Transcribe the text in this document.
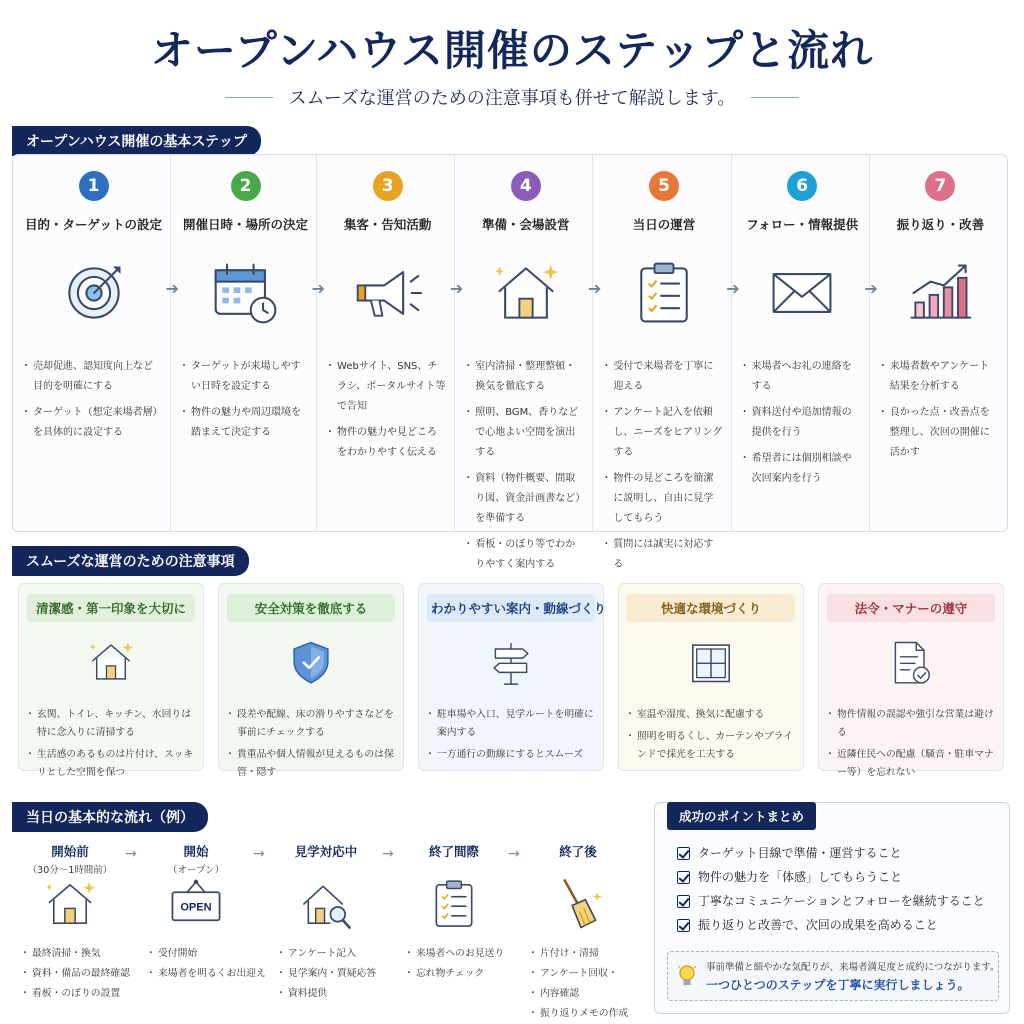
オープンハウス開催のステップと流れ
スムーズな運営のための注意事項も併せて解説します。
オープンハウス開催の基本ステップ
1
目的・ターゲットの設定
・ 売却促進、認知度向上など目的を明確にする
・ ターゲット（想定来場者層）を具体的に設定する
➔
2
開催日時・場所の決定
・ ターゲットが来場しやすい日時を設定する
・ 物件の魅力や周辺環境を踏まえて決定する
➔
3
集客・告知活動
・ Webサイト、SNS、チラシ、ポータルサイト等で告知
・ 物件の魅力や見どころをわかりやすく伝える
➔
4
準備・会場設営
・ 室内清掃・整理整頓・換気を徹底する
・ 照明、BGM、香りなどで心地よい空間を演出する
・ 資料（物件概要、間取り図、資金計画書など）を準備する
・ 看板・のぼり等でわかりやすく案内する
➔
5
当日の運営
・ 受付で来場者を丁寧に迎える
・ アンケート記入を依頼し、ニーズをヒアリングする
・ 物件の見どころを簡潔に説明し、自由に見学してもらう
・ 質問には誠実に対応する
➔
6
フォロー・情報提供
・ 来場者へお礼の連絡をする
・ 資料送付や追加情報の提供を行う
・ 希望者には個別相談や次回案内を行う
➔
7
振り返り・改善
・ 来場者数やアンケート結果を分析する
・ 良かった点・改善点を整理し、次回の開催に活かす
スムーズな運営のための注意事項
清潔感・第一印象を大切に
・ 玄関、トイレ、キッチン、水回りは特に念入りに清掃する
・ 生活感のあるものは片付け、スッキリとした空間を保つ
安全対策を徹底する
・ 段差や配線、床の滑りやすさなどを事前にチェックする
・ 貴重品や個人情報が見えるものは保管・隠す
わかりやすい案内・動線づくり
・ 駐車場や入口、見学ルートを明確に案内する
・ 一方通行の動線にするとスムーズ
快適な環境づくり
・ 室温や湿度、換気に配慮する
・ 照明を明るくし、カーテンやブラインドで採光を工夫する
法令・マナーの遵守
・ 物件情報の誤認や強引な営業は避ける
・ 近隣住民への配慮（騒音・駐車マナー等）を忘れない
当日の基本的な流れ（例）
開始前
（30分〜1時間前）
・ 最終清掃・換気
・ 資料・備品の最終確認
・ 看板・のぼりの設置
→	開始
（オープン）
OPEN
・ 受付開始
・ 来場者を明るくお出迎え
→	見学対応中
・ アンケート記入
・ 見学案内・質疑応答
・ 資料提供
→	終了間際
・ 来場者へのお見送り
・ 忘れ物チェック
→	終了後
・ 片付け・清掃
・ アンケート回収・
・ 内容確認
・ 振り返りメモの作成
成功のポイントまとめ
ターゲット目線で準備・運営すること
物件の魅力を「体感」してもらうこと
丁寧なコミュニケーションとフォローを継続すること
振り返りと改善で、次回の成果を高めること
事前準備と細やかな気配りが、来場者満足度と成約につながります。
一つひとつのステップを丁寧に実行しましょう。
